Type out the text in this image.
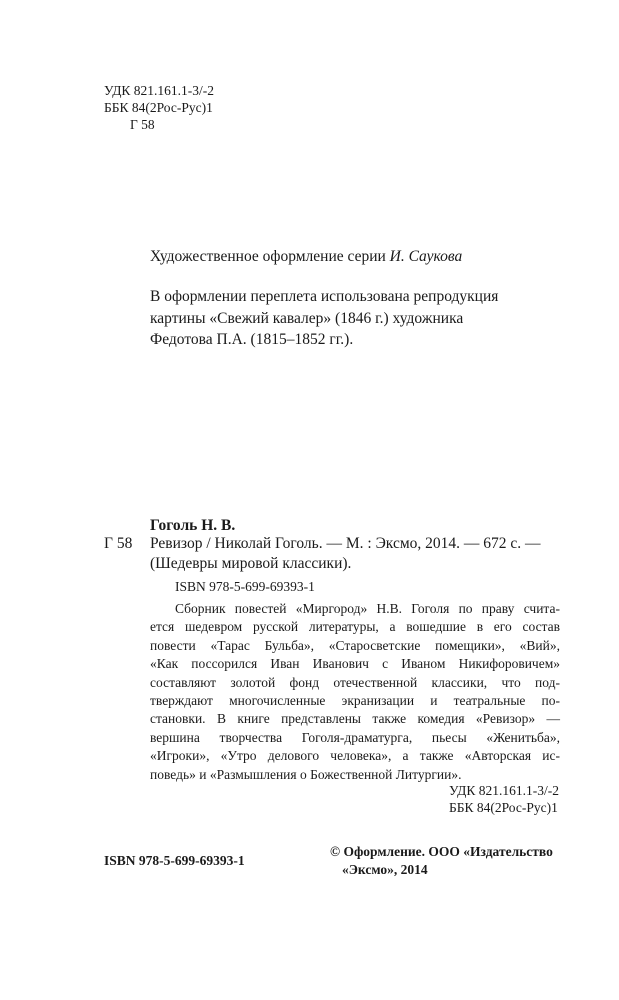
УДК 821.161.1-3/-2
ББК 84(2Рос-Рус)1
Г 58
Художественное оформление серии И. Саукова
В оформлении переплета использована репродукция
картины «Свежий кавалер» (1846 г.) художника
Федотова П.А. (1815–1852 гг.).
Гоголь Н. В.
Г 58 Ревизор / Николай Гоголь. — М. : Эксмо, 2014. — 672 с. —
(Шедевры мировой классики).
ISBN 978-5-699-69393-1
Сборник повестей «Миргород» Н.В. Гоголя по праву счита-
ется шедевром русской литературы, а вошедшие в его состав
повести «Тарас Бульба», «Старосветские помещики», «Вий»,
«Как поссорился Иван Иванович с Иваном Никифоровичем»
составляют золотой фонд отечественной классики, что под-
тверждают многочисленные экранизации и театральные по-
становки. В книге представлены также комедия «Ревизор» —
вершина творчества Гоголя-драматурга, пьесы «Женитьба»,
«Игроки», «Утро делового человека», а также «Авторская ис-
поведь» и «Размышления о Божественной Литургии».
УДК 821.161.1-3/-2
ББК 84(2Рос-Рус)1
ISBN 978-5-699-69393-1
© Оформление. ООО «Издательство
«Эксмо», 2014
